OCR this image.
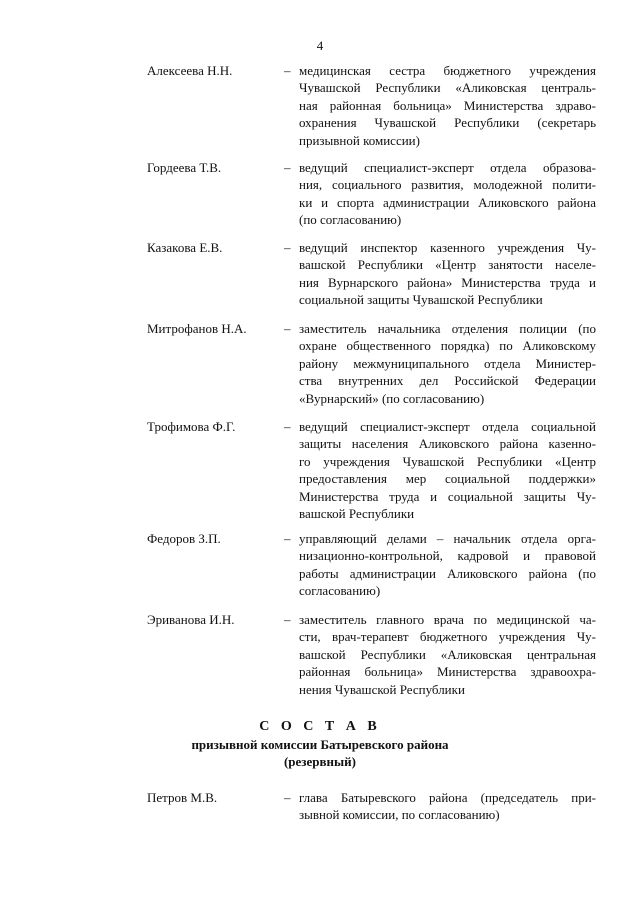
4
Алексеева Н.Н.	– медицинская сестра бюджетного учреждения
Чувашской Республики «Аликовская централь-
ная районная больница» Министерства здраво-
охранения Чувашской Республики (секретарь
призывной комиссии)
Гордеева Т.В.	– ведущий специалист-эксперт отдела образова-
ния, социального развития, молодежной полити-
ки и спорта администрации Аликовского района
(по согласованию)
Казакова Е.В.	– ведущий инспектор казенного учреждения Чу-
вашской Республики «Центр занятости населе-
ния Вурнарского района» Министерства труда и
социальной защиты Чувашской Республики
Митрофанов Н.А.	– заместитель начальника отделения полиции (по
охране общественного порядка) по Аликовскому
району межмуниципального отдела Министер-
ства внутренних дел Российской Федерации
«Вурнарский» (по согласованию)
Трофимова Ф.Г.	– ведущий специалист-эксперт отдела социальной
защиты населения Аликовского района казенно-
го учреждения Чувашской Республики «Центр
предоставления мер социальной поддержки»
Министерства труда и социальной защиты Чу-
вашской Республики
Федоров З.П.	– управляющий делами – начальник отдела орга-
низационно-контрольной, кадровой и правовой
работы администрации Аликовского района (по
согласованию)
Эриванова И.Н.	– заместитель главного врача по медицинской ча-
сти, врач-терапевт бюджетного учреждения Чу-
вашской Республики «Аликовская центральная
районная больница» Министерства здравоохра-
нения Чувашской Республики
С О С Т А В
призывной комиссии Батыревского района
(резервный)
Петров М.В.	– глава Батыревского района (председатель при-
зывной комиссии, по согласованию)
